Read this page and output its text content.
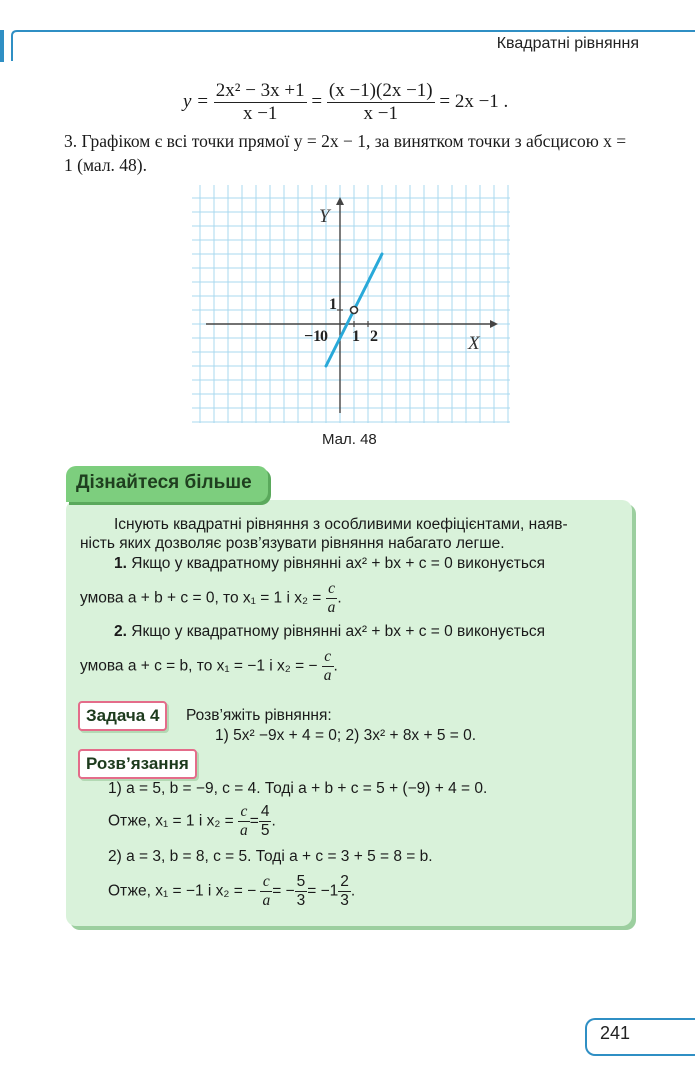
Квадратні рівняння
$y = \frac{\text{2x² − 3x +1}}{x -1} = \frac{(x -1)(2x -1)}{x -1} = 2x -1$ .
3. Графіком є всі точки прямої y = 2x − 1, за винятком точки з абсцисою x = 1 (мал. 48).
Y
X
1
−1
0 1 2
Мал. 48
Дізнайтеся більше
Існують квадратні рівняння з особливими коефіцієнтами, наяв-
ність яких дозволяє розв’язувати рівняння набагато легше.
1. Якщо у квадратному рівнянні ax² + bx + c = 0 виконується
умова a + b + c = 0, то x₁ = 1 і $x_2 = \frac{c}{a}$ .
2. Якщо у квадратному рівнянні ax² + bx + c = 0 виконується
умова a + c = b, то x₁ = −1 і x₂ = − $\frac{c}{a}$ .
Задача 4	Розв’яжіть рівняння:
1) 5x² −9x + 4 = 0; 2) 3x² + 8x + 5 = 0.
Розв’язання
1) a = 5, b = −9, c = 4. Тоді a + b + c = 5 + (−9) + 4 = 0.
Отже, x₁ = 1 і $x_2 = \frac{c}{a} = \frac{4}{5}$ .
2) a = 3, b = 8, c = 5. Тоді a + c = 3 + 5 = 8 = b.
Отже, x₁ = −1 і x₂ = − $\frac{c}{a}$ = − $\frac{5}{3} = -1 \frac{2}{3}$ .
241
